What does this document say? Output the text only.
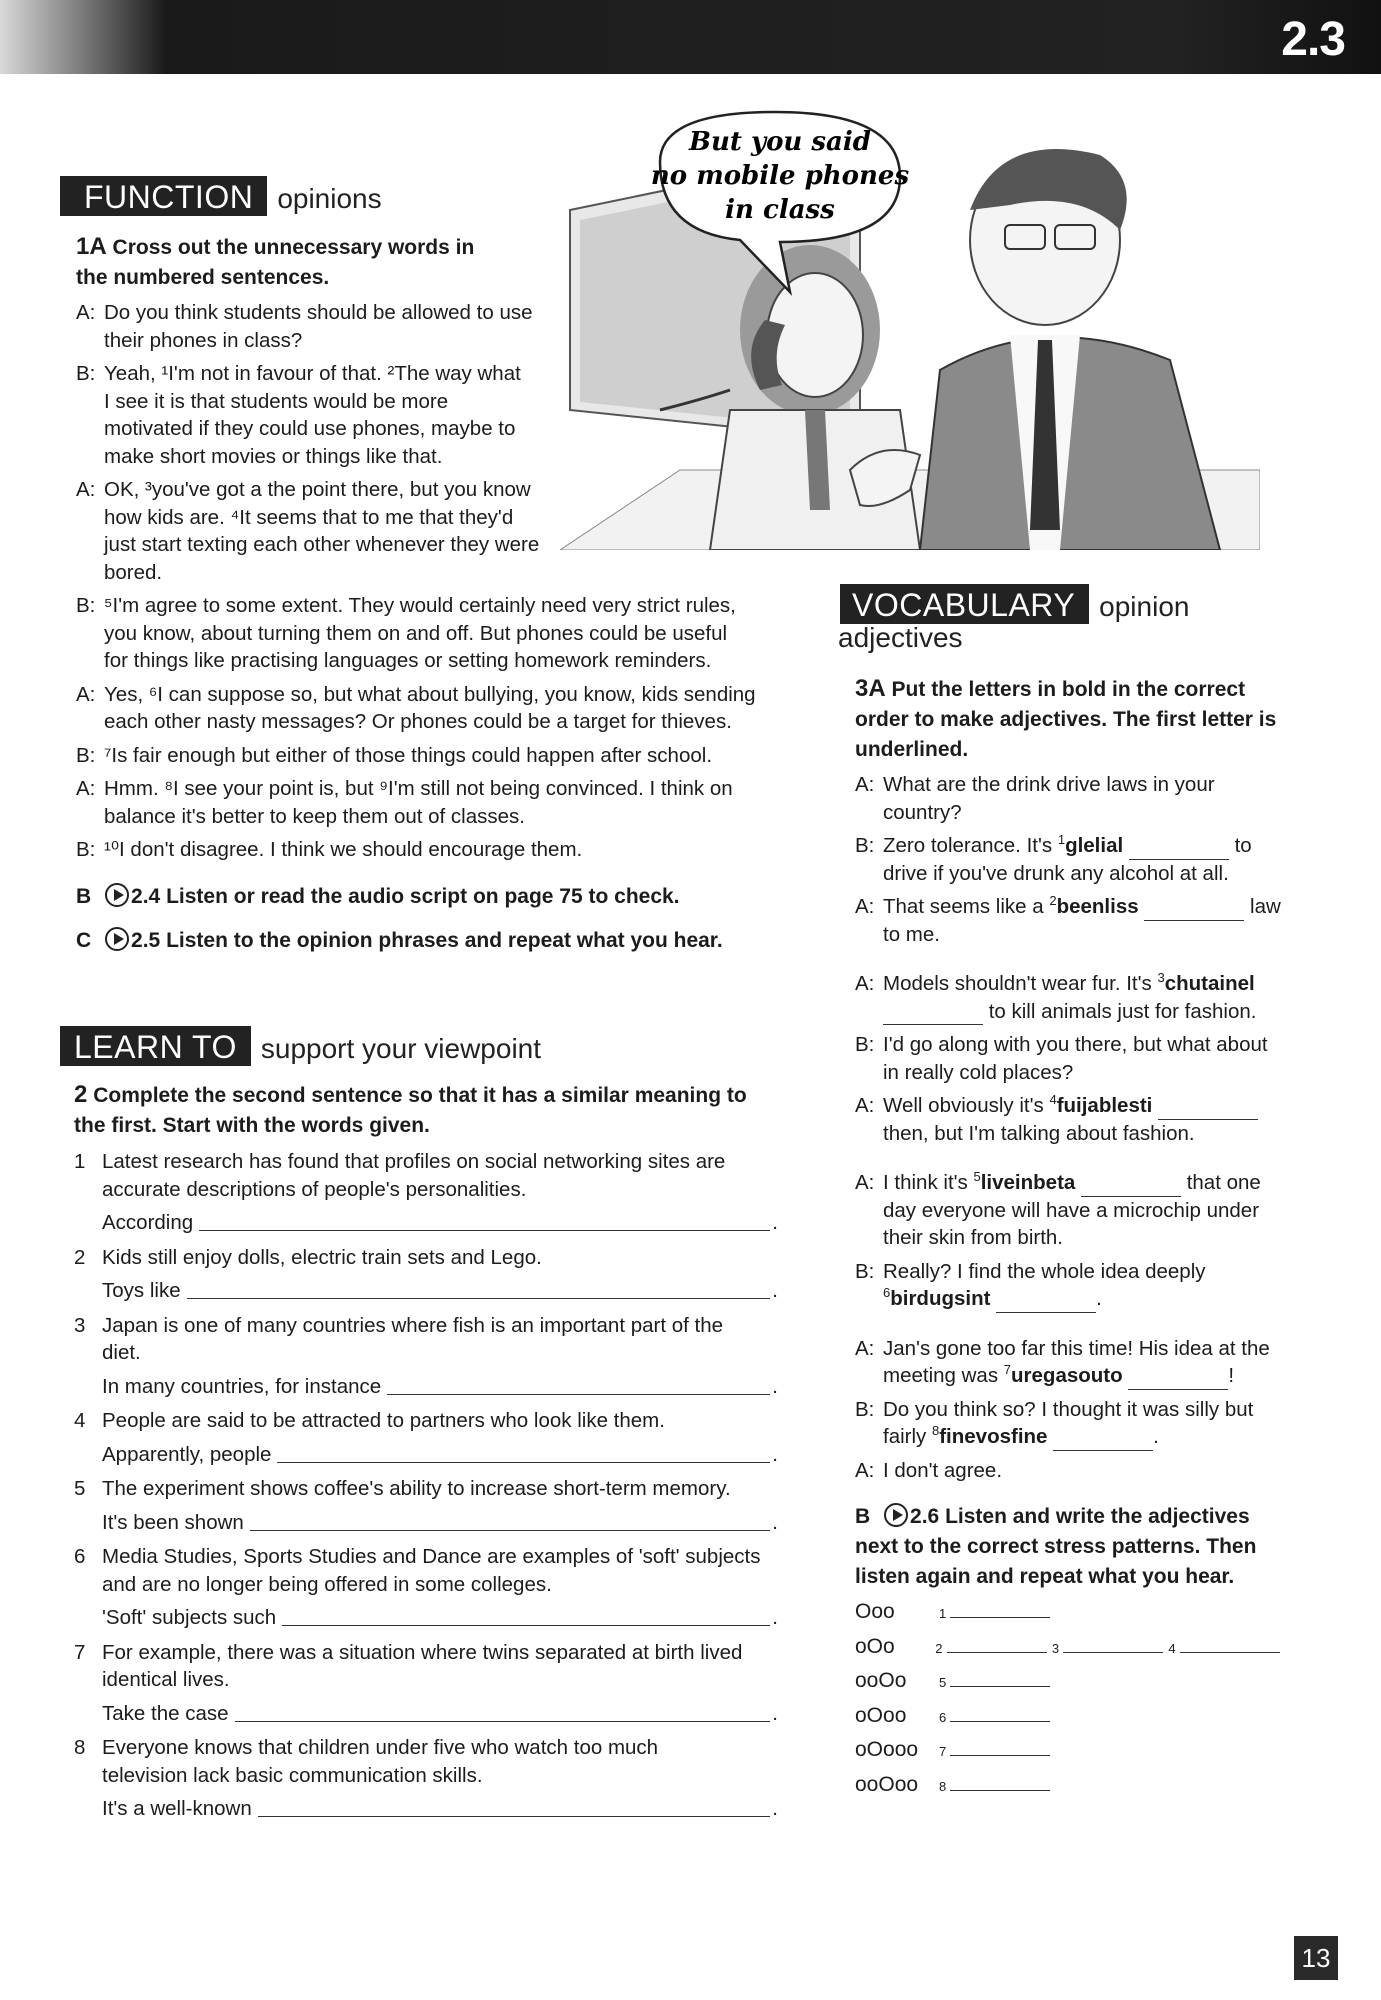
2.3
FUNCTION opinions
1A Cross out the unnecessary words in the numbered sentences.
A: Do you think students should be allowed to use their phones in class?
B: Yeah, ¹I'm not in favour of that. ²The way what I see it is that students would be more motivated if they could use phones, maybe to make short movies or things like that.
A: OK, ³you've got a the point there, but you know how kids are. ⁴It seems that to me that they'd just start texting each other whenever they were bored.
B: ⁵I'm agree to some extent. They would certainly need very strict rules, you know, about turning them on and off. But phones could be useful for things like practising languages or setting homework reminders.
A: Yes, ⁶I can suppose so, but what about bullying, you know, kids sending each other nasty messages? Or phones could be a target for thieves.
B: ⁷Is fair enough but either of those things could happen after school.
A: Hmm. ⁸I see your point is, but ⁹I'm still not being convinced. I think on balance it's better to keep them out of classes.
B: ¹⁰I don't disagree. I think we should encourage them.
B 2.4 Listen or read the audio script on page 75 to check.
C 2.5 Listen to the opinion phrases and repeat what you hear.
LEARN TO support your viewpoint
2 Complete the second sentence so that it has a similar meaning to the first. Start with the words given.
1 Latest research has found that profiles on social networking sites are accurate descriptions of people's personalities.
According	.
2 Kids still enjoy dolls, electric train sets and Lego.
Toys like	.
3 Japan is one of many countries where fish is an important part of the diet.
In many countries, for instance	.
4 People are said to be attracted to partners who look like them.
Apparently, people	.
5 The experiment shows coffee's ability to increase short-term memory.
It's been shown	.
6 Media Studies, Sports Studies and Dance are examples of 'soft' subjects and are no longer being offered in some colleges.
'Soft' subjects such	.
7 For example, there was a situation where twins separated at birth lived identical lives.
Take the case	.
8 Everyone knows that children under five who watch too much television lack basic communication skills.
It's a well-known	.
But you said
no mobile phones
in class
VOCABULARY opinion
adjectives
3A Put the letters in bold in the correct order to make adjectives. The first letter is underlined.
A: What are the drink drive laws in your country?
B: Zero tolerance. It's $^1$glelial	to drive if you've drunk any alcohol at all.
A: That seems like a $^2$beenliss	law to me.
A: Models shouldn't wear fur. It's $^3$chutainel  to kill animals just for fashion.
B: I'd go along with you there, but what about in really cold places?
A: Well obviously it's $^4$fuijablesti  then, but I'm talking about fashion.
A: I think it's $^5$liveinbeta	that one day everyone will have a microchip under their skin from birth.
B: Really? I find the whole idea deeply $^6$birdugsint	.
A: Jan's gone too far this time! His idea at the meeting was $^7$uregasouto	!
B: Do you think so? I thought it was silly but fairly $^8$finevosfine	.
A: I don't agree.
B 2.6 Listen and write the adjectives next to the correct stress patterns. Then listen again and repeat what you hear.
Ooo	1
oOo	2	3	4
ooOo	5
oOoo	6
oOooo	7
ooOoo	8
13
